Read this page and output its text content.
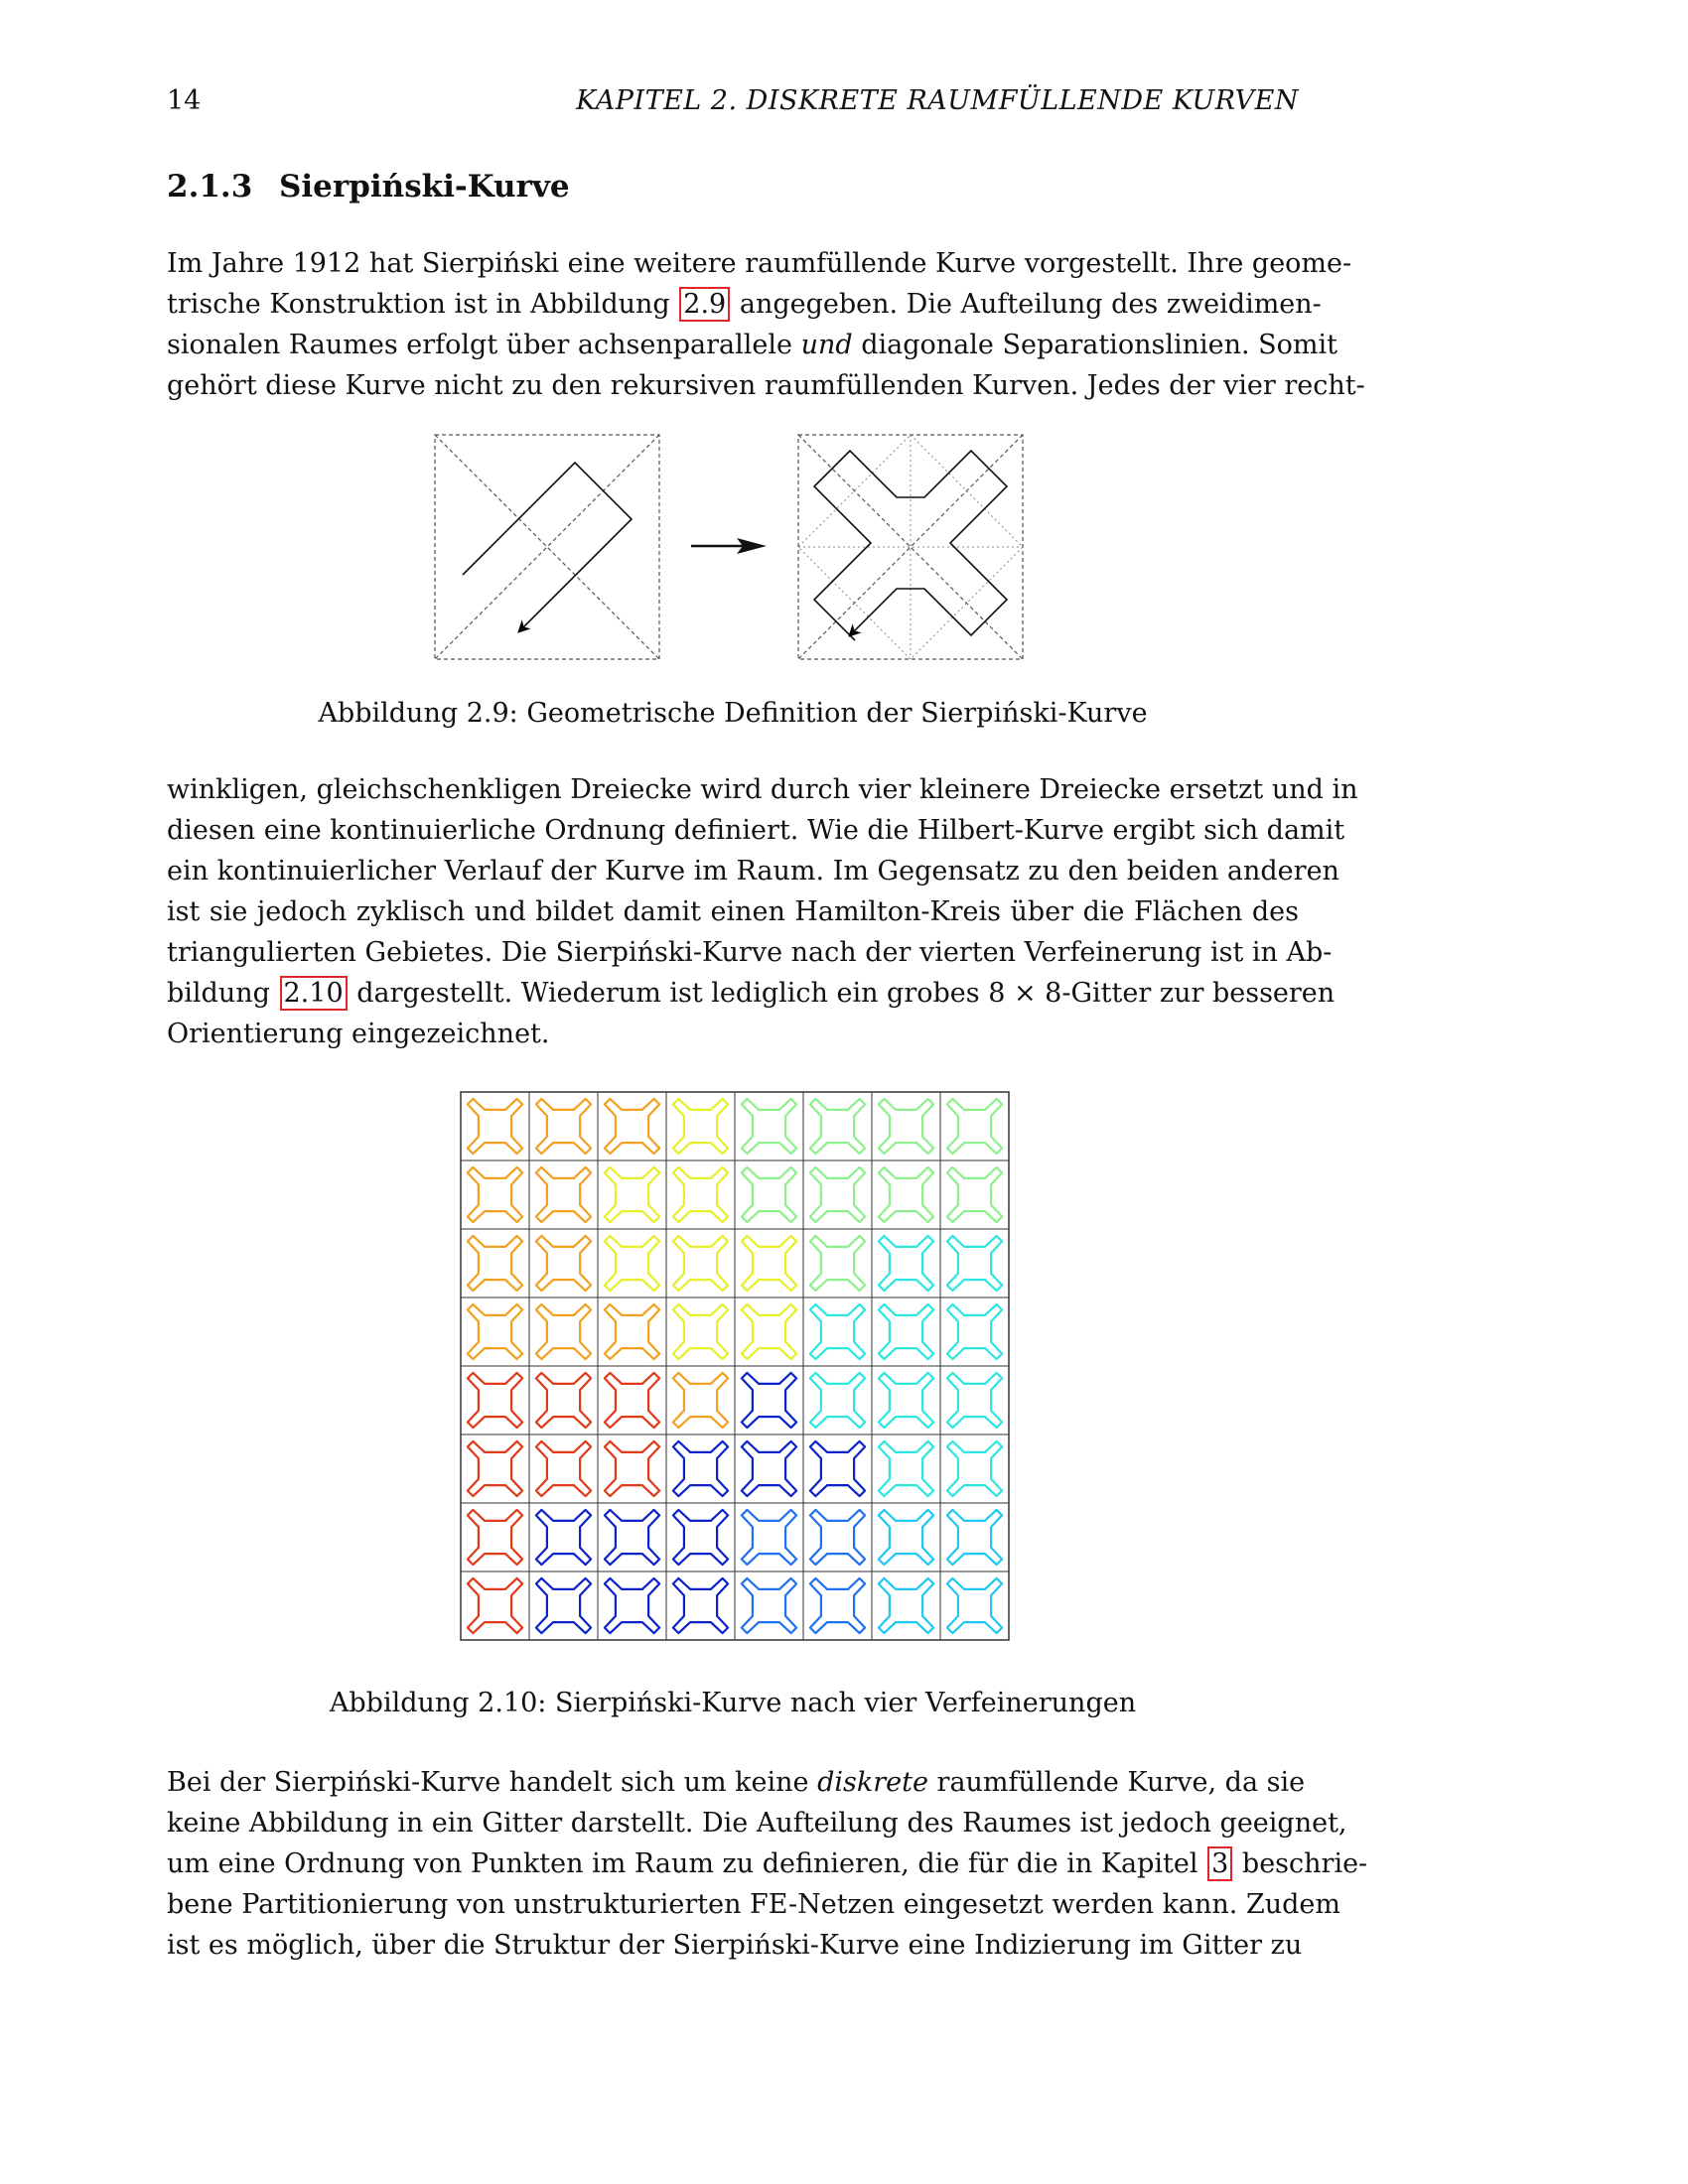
14	KAPITEL 2. DISKRETE RAUMFÜLLENDE KURVEN
2.1.3 Sierpiński-Kurve
Im Jahre 1912 hat Sierpiński eine weitere raumfüllende Kurve vorgestellt. Ihre geome-
trische Konstruktion ist in Abbildung 2.9 angegeben. Die Aufteilung des zweidimen-
sionalen Raumes erfolgt über achsenparallele und diagonale Separationslinien. Somit
gehört diese Kurve nicht zu den rekursiven raumfüllenden Kurven. Jedes der vier recht-
Abbildung 2.9: Geometrische Definition der Sierpiński-Kurve
winkligen, gleichschenkligen Dreiecke wird durch vier kleinere Dreiecke ersetzt und in
diesen eine kontinuierliche Ordnung definiert. Wie die Hilbert-Kurve ergibt sich damit
ein kontinuierlicher Verlauf der Kurve im Raum. Im Gegensatz zu den beiden anderen
ist sie jedoch zyklisch und bildet damit einen Hamilton-Kreis über die Flächen des
triangulierten Gebietes. Die Sierpiński-Kurve nach der vierten Verfeinerung ist in Ab-
bildung 2.10 dargestellt. Wiederum ist lediglich ein grobes 8 × 8-Gitter zur besseren
Orientierung eingezeichnet.
Abbildung 2.10: Sierpiński-Kurve nach vier Verfeinerungen
Bei der Sierpiński-Kurve handelt sich um keine diskrete raumfüllende Kurve, da sie
keine Abbildung in ein Gitter darstellt. Die Aufteilung des Raumes ist jedoch geeignet,
um eine Ordnung von Punkten im Raum zu definieren, die für die in Kapitel 3 beschrie-
bene Partitionierung von unstrukturierten FE-Netzen eingesetzt werden kann. Zudem
ist es möglich, über die Struktur der Sierpiński-Kurve eine Indizierung im Gitter zu
